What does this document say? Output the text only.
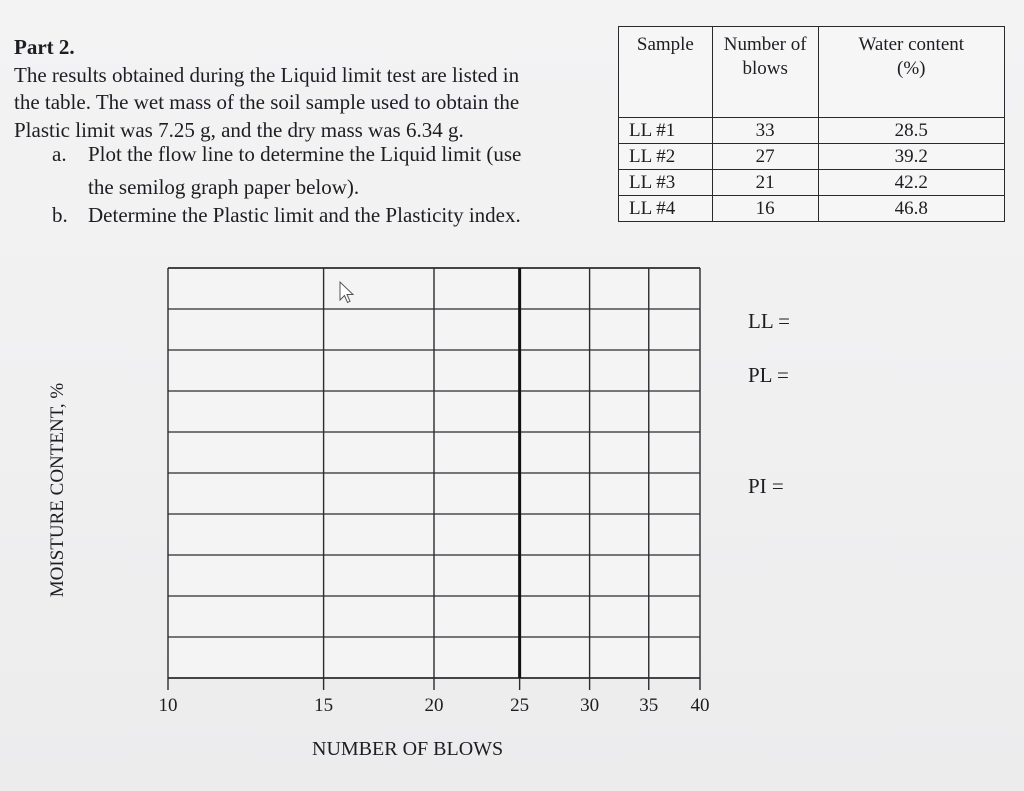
Part 2.
The results obtained during the Liquid limit test are listed in
the table. The wet mass of the soil sample used to obtain the
Plastic limit was 7.25 g, and the dry mass was 6.34 g.
a. Plot the flow line to determine the Liquid limit (use
the semilog graph paper below).
b. Determine the Plastic limit and the Plasticity index.
Sample	Number of blows	Water content (%)
LL #1	33	28.5
LL #2	27	39.2
LL #3	21	42.2
LL #4	16	46.8
LL =
PL =
PI =
10	15	20	25	30 35 40
MOISTURE CONTENT, %
NUMBER OF BLOWS
